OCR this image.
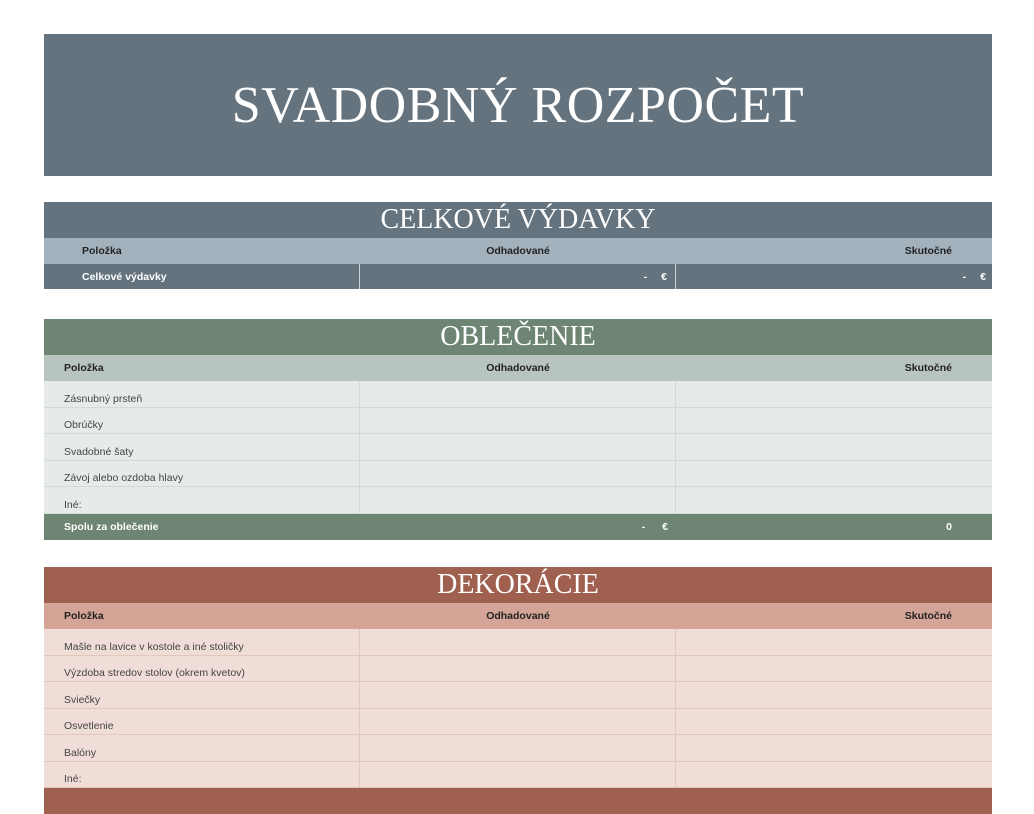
SVADOBNÝ ROZPOČET
CELKOVÉ VÝDAVKY
Položka	Odhadované	Skutočné
Celkové výdavky	- €	- €
OBLEČENIE
Položka	Odhadované	Skutočné
Zásnubný prsteň
Obrúčky
Svadobné šaty
Závoj alebo ozdoba hlavy
Iné:
Spolu za oblečenie	- €	0
DEKORÁCIE
Položka	Odhadované	Skutočné
Mašle na lavice v kostole a iné stoličky
Výzdoba stredov stolov (okrem kvetov)
Sviečky
Osvetlenie
Balóny
Iné:
